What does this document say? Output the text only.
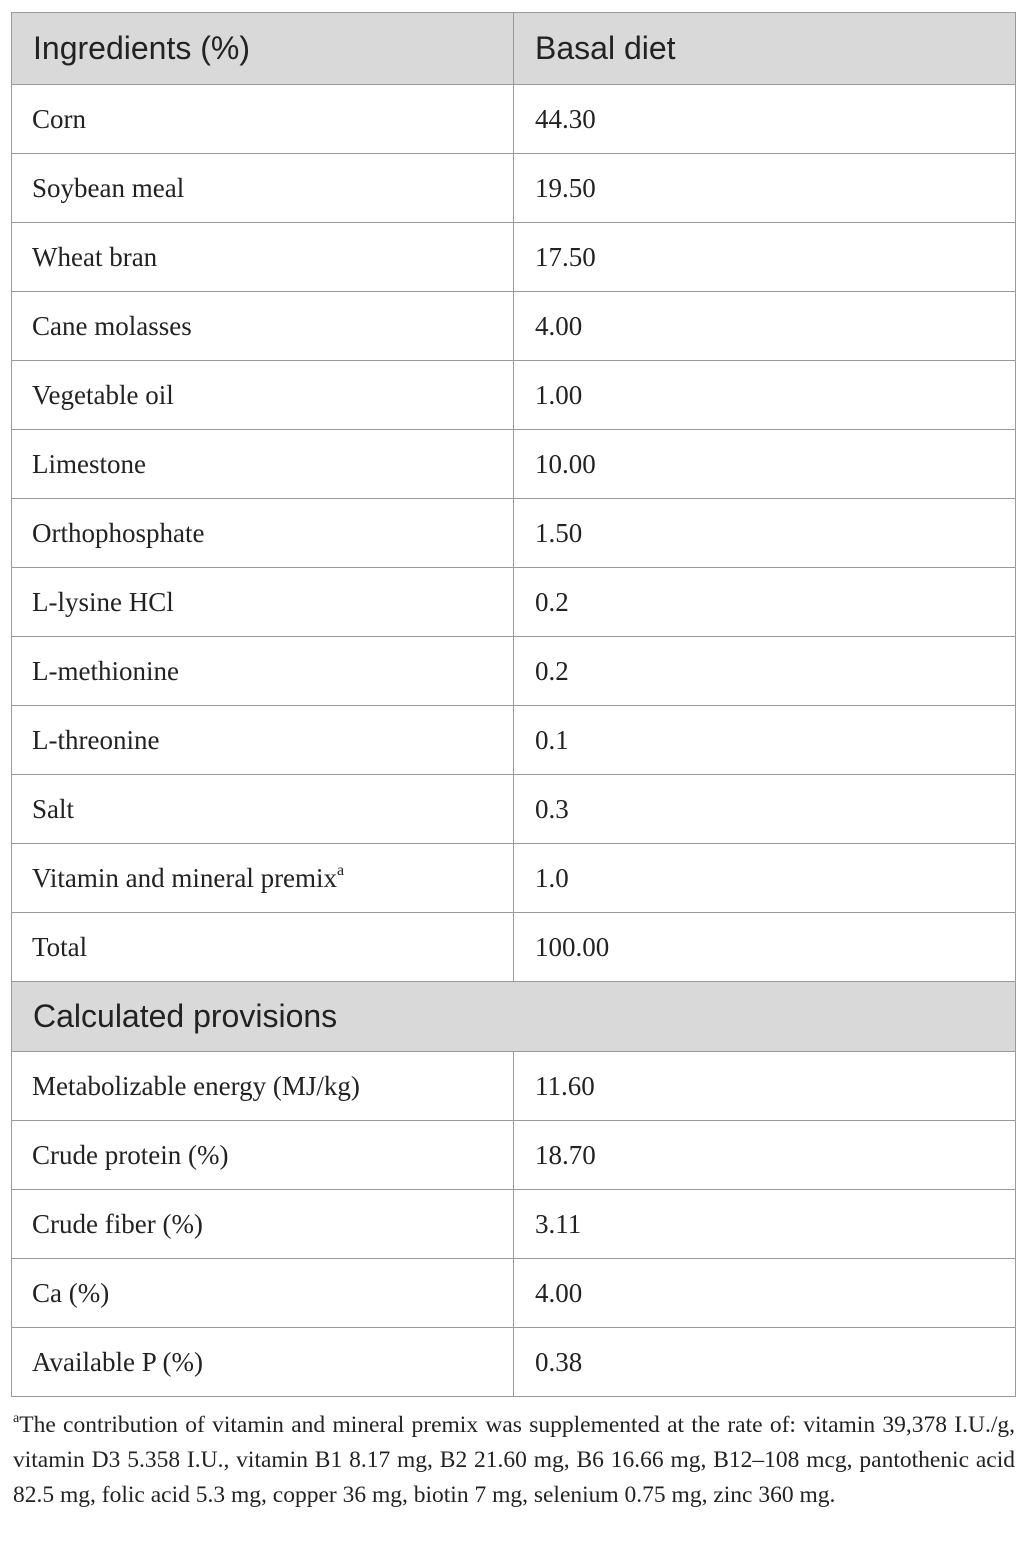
Ingredients (%)	Basal diet
Corn	44.30
Soybean meal	19.50
Wheat bran	17.50
Cane molasses	4.00
Vegetable oil	1.00
Limestone	10.00
Orthophosphate	1.50
L-lysine HCl	0.2
L-methionine	0.2
L-threonine	0.1
Salt	0.3
Vitamin and mineral premix$^a$	1.0
Total	100.00
Calculated provisions	
Metabolizable energy (MJ/kg)	11.60
Crude protein (%)	18.70
Crude fiber (%)	3.11
Ca (%)	4.00
Available P (%)	0.38
$^a$The contribution of vitamin and mineral premix was supplemented at the rate of: vitamin 39,378 I.U./g, vitamin D3 5.358 I.U., vitamin B1 8.17 mg, B2 21.60 mg, B6 16.66 mg, B12–108 mcg, pantothenic acid 82.5 mg, folic acid 5.3 mg, copper 36 mg, biotin 7 mg, selenium 0.75 mg, zinc 360 mg.
